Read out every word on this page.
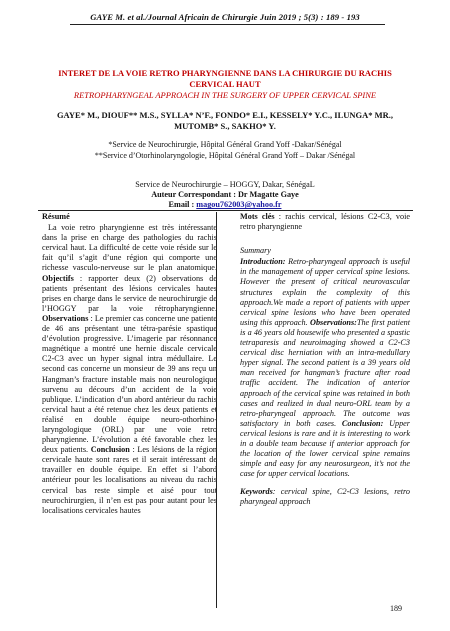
GAYE M. et al./Journal Africain de Chirurgie Juin 2019 ; 5(3) : 189 - 193
INTERET DE LA VOIE RETRO PHARYNGIENNE DANS LA CHIRURGIE DU RACHIS CERVICAL HAUT
RETROPHARYNGEAL APPROACH IN THE SURGERY OF UPPER CERVICAL SPINE
GAYE* M., DIOUF** M.S., SYLLA* N’F., FONDO* E.I., KESSELY* Y.C., ILUNGA* MR., MUTOMB* S., SAKHO* Y.
*Service de Neurochirurgie, Hôpital Général Grand Yoff -Dakar/Sénégal
**Service d’Otorhinolaryngologie, Hôpital Général Grand Yoff – Dakar /Sénégal
Service de Neurochirurgie – HOGGY, Dakar, SénégaL
Auteur Correspondant : Dr Magatte Gaye
Email : magou762003@yahoo.fr
Résumé

La voie retro pharyngienne est très intéressante dans la prise en charge des pathologies du rachis cervical haut. La difficulté de cette voie réside sur le fait qu’il s’agit d’une région qui comporte une richesse vasculo-nerveuse sur le plan anatomique. Objectifs : rapporter deux (2) observations de patients présentant des lésions cervicales hautes prises en charge dans le service de neurochirurgie de l’HOGGY par la voie rétropharyngienne. Observations : Le premier cas concerne une patiente de 46 ans présentant une tétra-parésie spastique d’évolution progressive. L’imagerie par résonnance magnétique a montré une hernie discale cervicale C2-C3 avec un hyper signal intra médullaire. Le second cas concerne un monsieur de 39 ans reçu un Hangman’s fracture instable mais non neurologique survenu au décours d’un accident de la voie publique. L’indication d’un abord antérieur du rachis cervical haut a été retenue chez les deux patients et réalisé en double équipe neuro-othorhino-laryngologique (ORL) par une voie retro pharyngienne. L’évolution a été favorable chez les deux patients. Conclusion : Les lésions de la région cervicale haute sont rares et il serait intéressant de travailler en double équipe. En effet si l’abord antérieur pour les localisations au niveau du rachis cervical bas reste simple et aisé pour tout neurochirurgien, il n’en est pas pour autant pour les localisations cervicales hautes

Mots clés : rachis cervical, lésions C2-C3, voie retro pharyngienne

Summary
Introduction: Retro-pharyngeal approach is useful in the management of upper cervical spine lesions. However the present of critical neurovascular structures explain the complexity of this approach.We made a report of patients with upper cervical spine lesions who have been operated using this approach. Observations:The first patient is a 46 years old housewife who presented a spastic tetraparesis and neuroimaging showed a C2-C3 cervical disc herniation with an intra-medullary hyper signal. The second patient is a 39 years old man received for hangman’s fracture after road traffic accident. The indication of anterior approach of the cervical spine was retained in both cases and realized in dual neuro-ORL team by a retro-pharyngeal approach. The outcome was satisfactory in both cases. Conclusion: Upper cervical lesions is rare and it is interesting to work in a double team because if anterior approach for the location of the lower cervical spine remains simple and easy for any neurosurgeon, it’s not the case for upper cervical locations.
Keywords: cervical spine, C2-C3 lesions, retro pharyngeal approach
189
